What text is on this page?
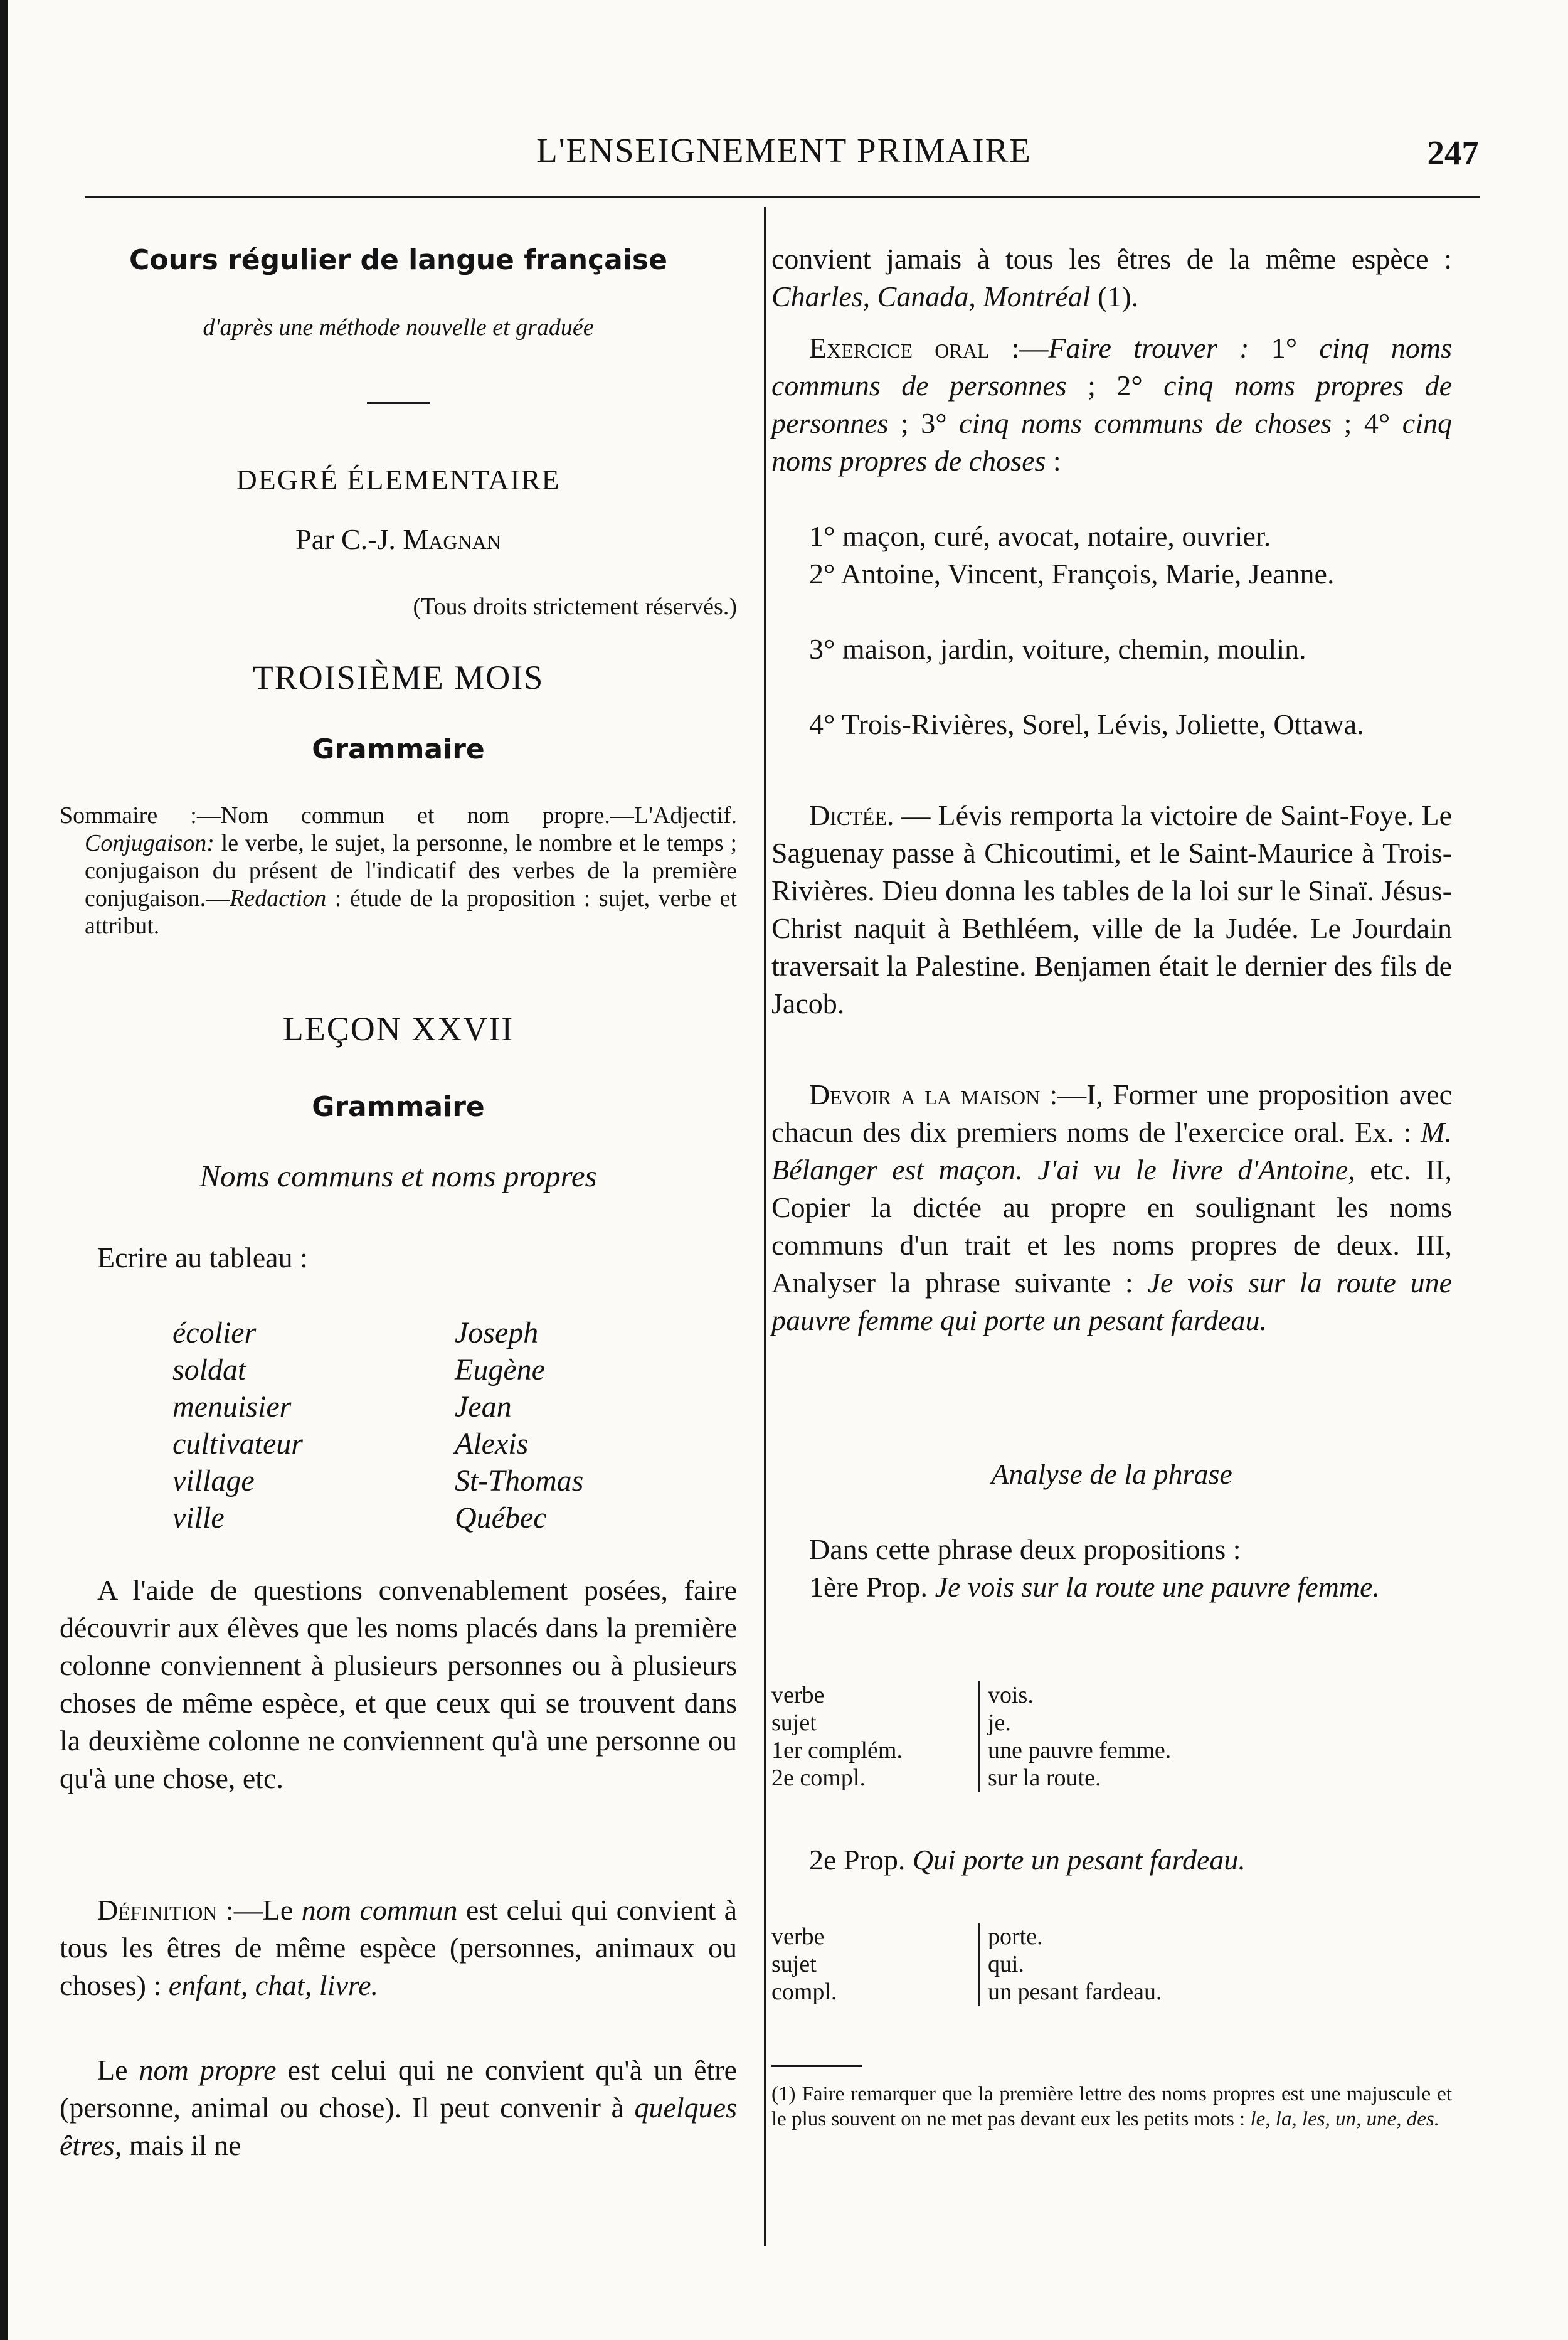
L'ENSEIGNEMENT PRIMAIRE	247
Cours régulier de langue française
d'après une méthode nouvelle et graduée
DEGRÉ ÉLEMENTAIRE
Par C.-J. Magnan
(Tous droits strictement réservés.)
TROISIÈME MOIS
Grammaire
Sommaire :—Nom commun et nom propre.—L'Adjectif. Conjugaison: le verbe, le sujet, la personne, le nombre et le temps ; conjugaison du présent de l'indicatif des verbes de la première conjugaison.—Redaction : étude de la proposition : sujet, verbe et attribut.
LEÇON XXVII
Grammaire
Noms communs et noms propres
Ecrire au tableau :
écolier
soldat
menuisier
cultivateur
village
ville
Joseph
Eugène
Jean
Alexis
St-Thomas
Québec
A l'aide de questions convenablement posées, faire découvrir aux élèves que les noms placés dans la première colonne conviennent à plusieurs personnes ou à plusieurs choses de même espèce, et que ceux qui se trouvent dans la deuxième colonne ne conviennent qu'à une personne ou qu'à une chose, etc.
Définition :—Le nom commun est celui qui convient à tous les êtres de même espèce (personnes, animaux ou choses) : enfant, chat, livre.
Le nom propre est celui qui ne convient qu'à un être (personne, animal ou chose). Il peut convenir à quelques êtres, mais il ne
convient jamais à tous les êtres de la même espèce : Charles, Canada, Montréal (1).
Exercice oral :—Faire trouver : 1° cinq noms communs de personnes ; 2° cinq noms propres de personnes ; 3° cinq noms communs de choses ; 4° cinq noms propres de choses :
1° maçon, curé, avocat, notaire, ouvrier.
2° Antoine, Vincent, François, Marie, Jeanne.
3° maison, jardin, voiture, chemin, moulin.
4° Trois-Rivières, Sorel, Lévis, Joliette, Ottawa.
Dictée. — Lévis remporta la victoire de Saint-Foye. Le Saguenay passe à Chicoutimi, et le Saint-Maurice à Trois-Rivières. Dieu donna les tables de la loi sur le Sinaï. Jésus-Christ naquit à Bethléem, ville de la Judée. Le Jourdain traversait la Palestine. Benjamen était le dernier des fils de Jacob.
Devoir a la maison :—I, Former une proposition avec chacun des dix premiers noms de l'exercice oral. Ex. : M. Bélanger est maçon. J'ai vu le livre d'Antoine, etc. II, Copier la dictée au propre en soulignant les noms communs d'un trait et les noms propres de deux. III, Analyser la phrase suivante : Je vois sur la route une pauvre femme qui porte un pesant fardeau.
Analyse de la phrase
Dans cette phrase deux propositions :
1ère Prop. Je vois sur la route une pauvre femme.
verbe
sujet
1er complém.
2e compl.
vois.
je.
une pauvre femme.
sur la route.
2e Prop. Qui porte un pesant fardeau.
verbe
sujet
compl.
porte.
qui.
un pesant fardeau.
(1) Faire remarquer que la première lettre des noms propres est une majuscule et le plus souvent on ne met pas devant eux les petits mots : le, la, les, un, une, des.
